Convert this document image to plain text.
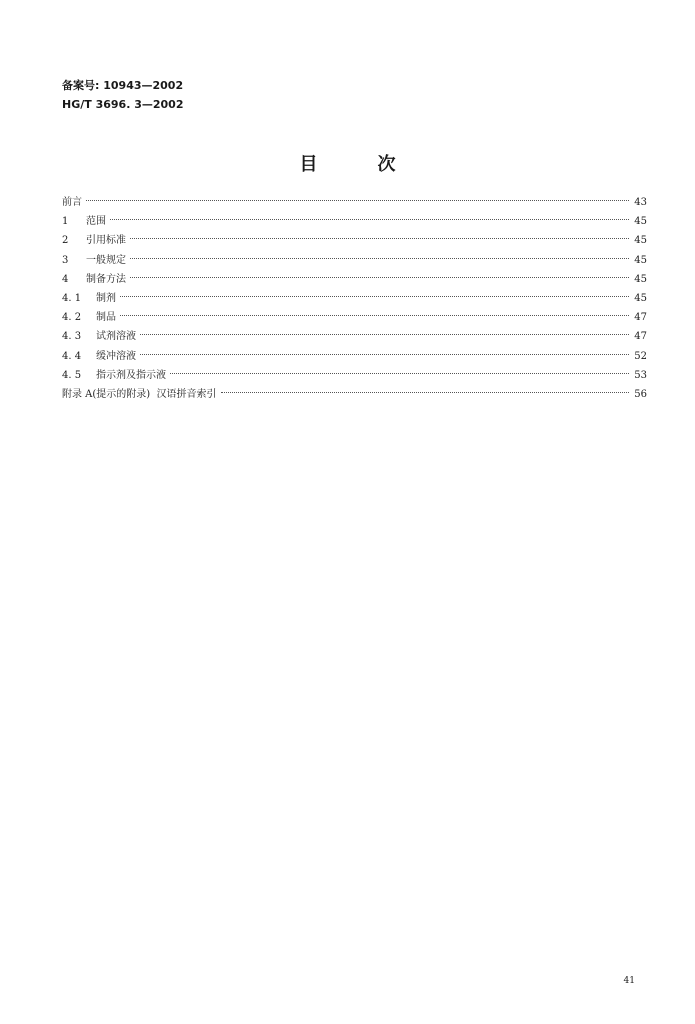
备案号: 10943—2002
HG/T 3696. 3—2002
目次
前言	43
1	范围	45
2	引用标准	45
3	一般规定	45
4	制备方法	45
4. 1	制剂	45
4. 2	制品	47
4. 3	试剂溶液	47
4. 4	缓冲溶液	52
4. 5	指示剂及指示液	53
附录 A(提示的附录)  汉语拼音索引	56
41
